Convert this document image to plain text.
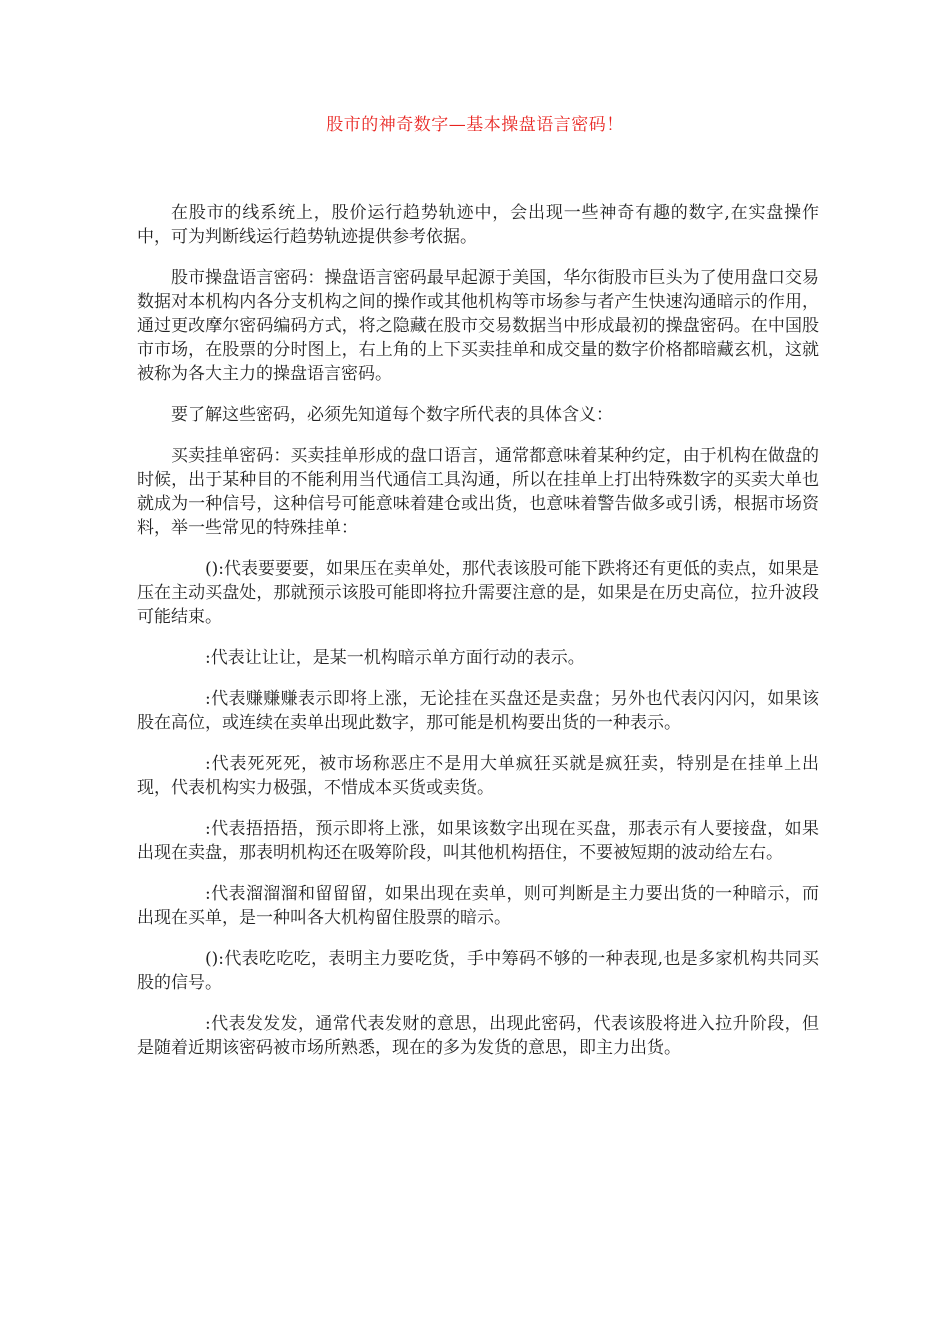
股市的神奇数字—基本操盘语言密码！

在股市的线系统上，股价运行趋势轨迹中，会出现一些神奇有趣的数字,在实盘操作中，可为判断线运行趋势轨迹提供参考依据。

股市操盘语言密码：操盘语言密码最早起源于美国，华尔街股市巨头为了使用盘口交易数据对本机构内各分支机构之间的操作或其他机构等市场参与者产生快速沟通暗示的作用，通过更改摩尔密码编码方式，将之隐藏在股市交易数据当中形成最初的操盘密码。在中国股市市场，在股票的分时图上，右上角的上下买卖挂单和成交量的数字价格都暗藏玄机，这就被称为各大主力的操盘语言密码。

要了解这些密码，必须先知道每个数字所代表的具体含义：

买卖挂单密码：买卖挂单形成的盘口语言，通常都意味着某种约定，由于机构在做盘的时候，出于某种目的不能利用当代通信工具沟通，所以在挂单上打出特殊数字的买卖大单也就成为一种信号，这种信号可能意味着建仓或出货，也意味着警告做多或引诱，根据市场资料，举一些常见的特殊挂单：

():代表要要要，如果压在卖单处，那代表该股可能下跌将还有更低的卖点，如果是压在主动买盘处，那就预示该股可能即将拉升需要注意的是，如果是在历史高位，拉升波段可能结束。

:代表让让让，是某一机构暗示单方面行动的表示。

:代表赚赚赚表示即将上涨，无论挂在买盘还是卖盘；另外也代表闪闪闪，如果该股在高位，或连续在卖单出现此数字，那可能是机构要出货的一种表示。

:代表死死死，被市场称恶庄不是用大单疯狂买就是疯狂卖，特别是在挂单上出现，代表机构实力极强，不惜成本买货或卖货。

:代表捂捂捂，预示即将上涨，如果该数字出现在买盘，那表示有人要接盘，如果出现在卖盘，那表明机构还在吸筹阶段，叫其他机构捂住，不要被短期的波动给左右。

:代表溜溜溜和留留留，如果出现在卖单，则可判断是主力要出货的一种暗示，而出现在买单，是一种叫各大机构留住股票的暗示。

():代表吃吃吃，表明主力要吃货，手中筹码不够的一种表现,也是多家机构共同买股的信号。

:代表发发发，通常代表发财的意思，出现此密码，代表该股将进入拉升阶段，但是随着近期该密码被市场所熟悉，现在的多为发货的意思，即主力出货。
